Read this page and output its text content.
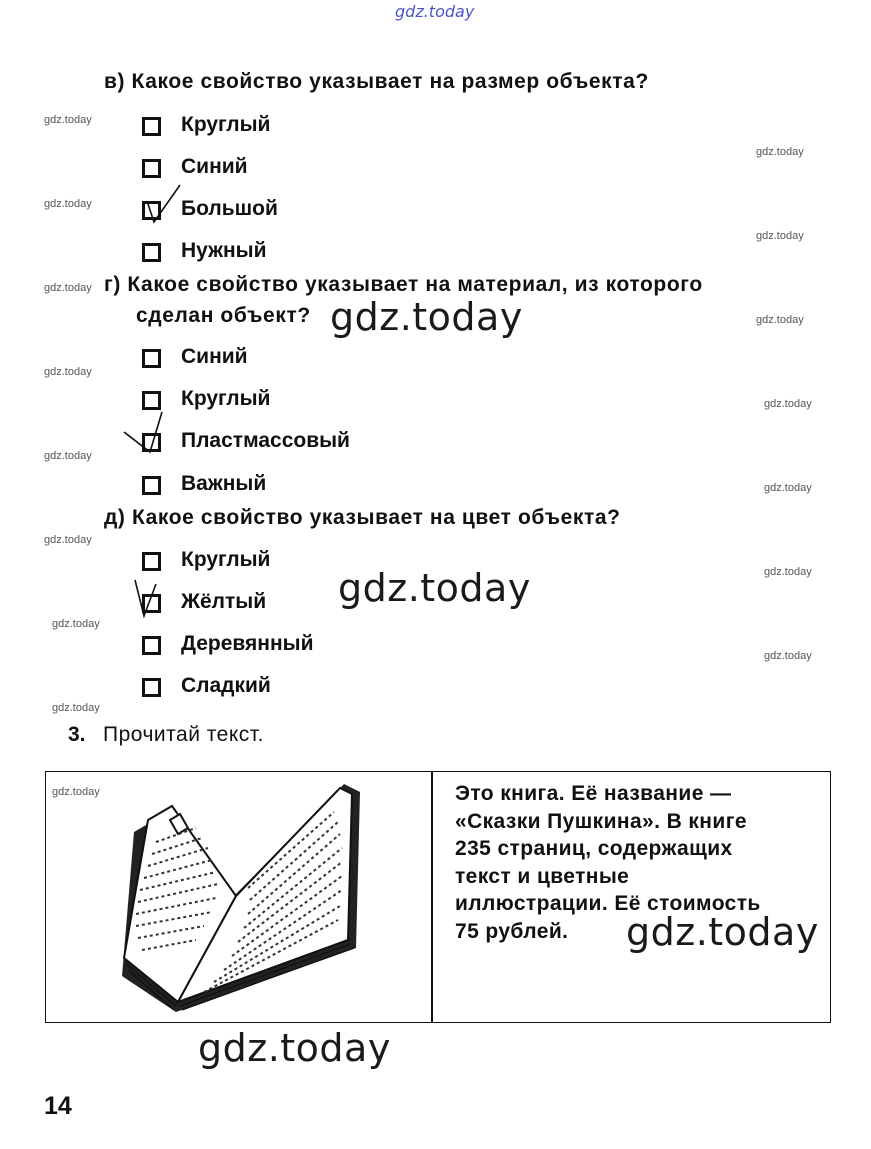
gdz.today
gdz.today
gdz.today
gdz.today
gdz.today
gdz.today
gdz.today
gdz.today
gdz.today
gdz.today
gdz.today
gdz.today
gdz.today
gdz.today
gdz.today
gdz.today
gdz.today
в) Какое свойство указывает на размер объекта?
Круглый
Синий
Большой
Нужный
г) Какое свойство указывает на материал, из которого
сделан объект? gdz.today
Синий
Круглый
Пластмассовый
Важный
д) Какое свойство указывает на цвет объекта?
Круглый
Жёлтый
Деревянный
Сладкий
gdz.today
3. Прочитай текст.
Это книга. Её название —
«Сказки Пушкина». В книге
235 страниц, содержащих
текст и цветные
иллюстрации. Её стоимость
75 рублей.	gdz.today
gdz.today
14
